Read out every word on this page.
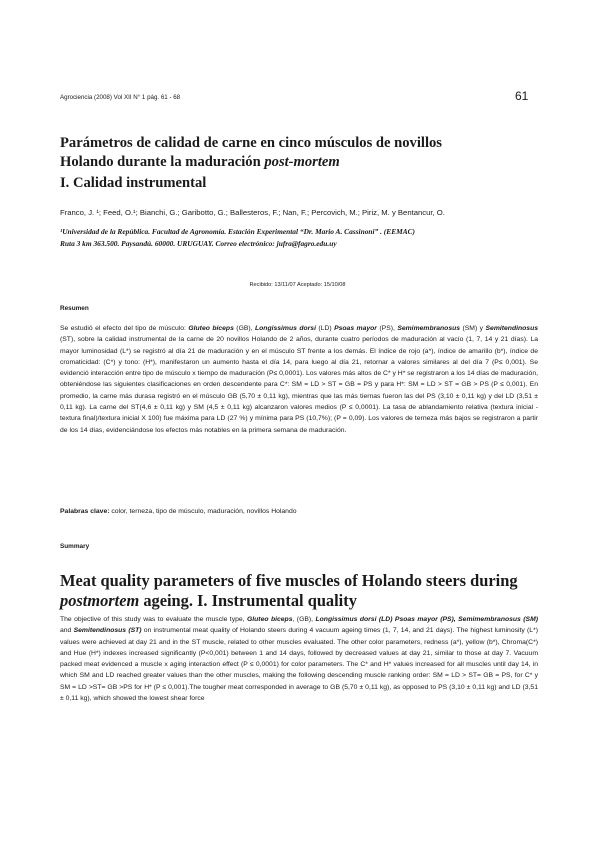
Agrociencia (2008) Vol XII N° 1 pág. 61 - 68	61
Parámetros de calidad de carne en cinco músculos de novillos
Holando durante la maduración post-mortem
I. Calidad instrumental
Franco, J. ¹; Feed, O.¹; Bianchi, G.; Garibotto, G.; Ballesteros, F.; Nan, F.; Percovich, M.; Piriz, M. y Bentancur, O.
¹Universidad de la República. Facultad de Agronomía. Estación Experimental “Dr. Mario A. Cassinoni” . (EEMAC)
Ruta 3 km 363.500. Paysandú. 60000. URUGUAY. Correo electrónico: jufra@fagro.edu.uy
Recibido: 13/11/07 Aceptado: 15/10/08
Resumen
Se estudió el efecto del tipo de músculo: Gluteo biceps (GB), Longissimus dorsi (LD) Psoas mayor (PS), Semimembranosus (SM) y Semitendinosus (ST), sobre la calidad instrumental de la carne de 20 novillos Holando de 2 años, durante cuatro períodos de maduración al vacío (1, 7, 14 y 21 días). La mayor luminosidad (L*) se registró al día 21 de maduración y en el músculo ST frente a los demás. El índice de rojo (a*), índice de amarillo (b*), índice de cromaticidad: (C*) y tono: (H*), manifestaron un aumento hasta el día 14, para luego al día 21, retornar a valores similares al del día 7 (P≤ 0,001). Se evidenció interacción entre tipo de músculo x tiempo de maduración (P≤ 0,0001). Los valores más altos de C* y H* se registraron a los 14 días de maduración, obteniéndose las siguientes clasificaciones en orden descendente para C*: SM = LD > ST = GB = PS y para H*: SM = LD > ST = GB > PS (P ≤ 0,001). En promedio, la carne más durasa registró en el músculo GB (5,70 ± 0,11 kg), mientras que las más tiernas fueron las del PS (3,10 ± 0,11 kg) y del LD (3,51 ± 0,11 kg). La carne del ST(4,6 ± 0,11 kg) y SM (4,5 ± 0,11 kg) alcanzaron valores medios (P ≤ 0,0001). La tasa de ablandamiento relativa (textura inicial - textura final)/textura inicial X 100) fue máxima para LD (27 %) y mínima para PS (10,7%); (P = 0,09). Los valores de terneza más bajos se registraron a partir de los 14 días, evidenciándose los efectos más notables en la primera semana de maduración.
Palabras clave: color, terneza, tipo de músculo, maduración, novillos Holando
Summary
Meat quality parameters of five muscles of Holando steers during
postmortem ageing. I. Instrumental quality
The objective of this study was to evaluate the muscle type, Gluteo biceps, (GB), Longissimus dorsi (LD) Psoas mayor (PS), Semimembranosus (SM) and Semitendinosus (ST) on instrumental meat quality of Holando steers during 4 vacuum ageing times (1, 7, 14, and 21 days). The highest luminosity (L*) values were achieved at day 21 and in the ST muscle, related to other muscles evaluated. The other color parameters, redness (a*), yellow (b*), Chroma(C*) and Hue (H*) indexes increased significantly (P<0,001) between 1 and 14 days, followed by decreased values at day 21, similar to those at day 7. Vacuum packed meat evidenced a muscle x aging interaction effect (P ≤ 0,0001) for color parameters. The C* and H* values increased for all muscles until day 14, in which SM and LD reached greater values than the other muscles, making the following descending muscle ranking order: SM = LD > ST= GB = PS, for C* y SM = LD >ST= GB >PS for H* (P ≤ 0,001).The tougher meat corresponded in average to GB (5,70 ± 0,11 kg), as opposed to PS (3,10 ± 0,11 kg) and LD (3,51 ± 0,11 kg), which showed the lowest shear force
